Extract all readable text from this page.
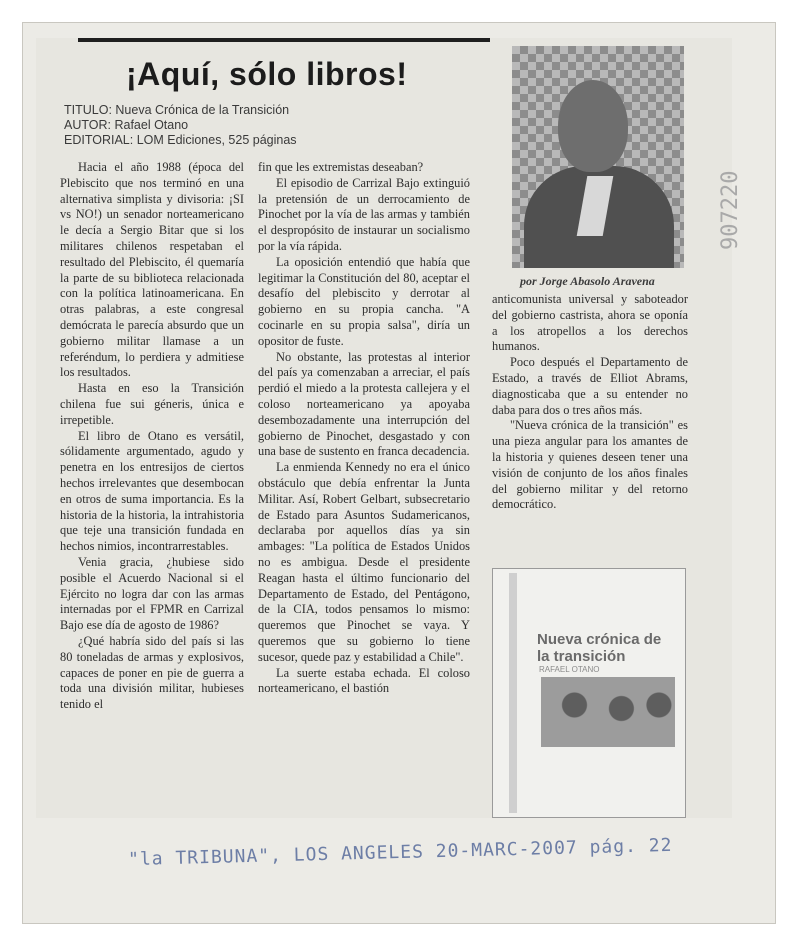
¡Aquí, sólo libros!
TITULO: Nueva Crónica de la Transición
AUTOR: Rafael Otano
EDITORIAL: LOM Ediciones, 525 páginas

Hacia el año 1988 (época del Plebiscito que nos terminó en una alternativa simplista y divisoria: ¡SI vs NO!) un senador norteamericano le decía a Sergio Bitar que si los militares chilenos respetaban el resultado del Plebiscito, él quemaría la parte de su biblioteca relacionada con la política latinoamericana. En otras palabras, a este congresal demócrata le parecía absurdo que un gobierno militar llamase a un referéndum, lo perdiera y admitiese los resultados.

Hasta en eso la Transición chilena fue sui géneris, única e irrepetible.

El libro de Otano es versátil, sólidamente argumentado, agudo y penetra en los entresijos de ciertos hechos irrelevantes que desembocan en otros de suma importancia. Es la historia de la historia, la intrahistoria que teje una transición fundada en hechos nimios, incontrarrestables.

Venia gracia, ¿hubiese sido posible el Acuerdo Nacional si el Ejército no logra dar con las armas internadas por el FPMR en Carrizal Bajo ese día de agosto de 1986?

¿Qué habría sido del país si las 80 toneladas de armas y explosivos, capaces de poner en pie de guerra a toda una división militar, hubieses tenido el

fin que les extremistas deseaban?

El episodio de Carrizal Bajo extinguió la pretensión de un derrocamiento de Pinochet por la vía de las armas y también el despropósito de instaurar un socialismo por la vía rápida.

La oposición entendió que había que legitimar la Constitución del 80, aceptar el desafío del plebiscito y derrotar al gobierno en su propia cancha. "A cocinarle en su propia salsa", diría un opositor de fuste.

No obstante, las protestas al interior del país ya comenzaban a arreciar, el país perdió el miedo a la protesta callejera y el coloso norteamericano ya apoyaba desembozadamente una interrupción del gobierno de Pinochet, desgastado y con una base de sustento en franca decadencia.

La enmienda Kennedy no era el único obstáculo que debía enfrentar la Junta Militar. Así, Robert Gelbart, subsecretario de Estado para Asuntos Sudamericanos, declaraba por aquellos días ya sin ambages: "La política de Estados Unidos no es ambigua. Desde el presidente Reagan hasta el último funcionario del Departamento de Estado, del Pentágono, de la CIA, todos pensamos lo mismo: queremos que Pinochet se vaya. Y queremos que su gobierno lo tiene sucesor, quede paz y estabilidad a Chile".

La suerte estaba echada. El coloso norteamericano, el bastión

por Jorge Abasolo Aravena

anticomunista universal y saboteador del gobierno castrista, ahora se oponía a los atropellos a los derechos humanos.

Poco después el Departamento de Estado, a través de Elliot Abrams, diagnosticaba que a su entender no daba para dos o tres años más.

"Nueva crónica de la transición" es una pieza angular para los amantes de la historia y quienes deseen tener una visión de conjunto de los años finales del gobierno militar y del retorno democrático.

Nueva crónica de la transición
RAFAEL OTANO
"la TRIBUNA", LOS ANGELES 20-MARC-2007 pág. 22
907220
